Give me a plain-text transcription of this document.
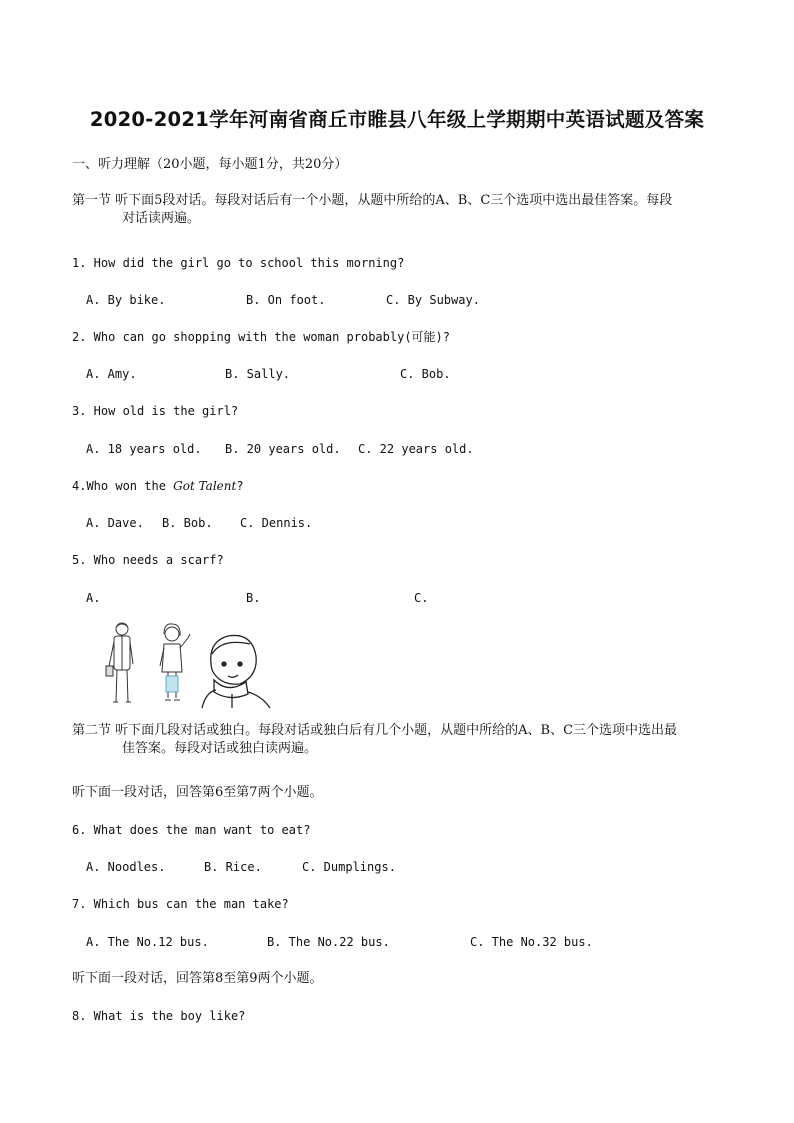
2020-2021学年河南省商丘市睢县八年级上学期期中英语试题及答案
一、听力理解（20小题，每小题1分，共20分）
第一节 听下面5段对话。每段对话后有一个小题，从题中所给的A、B、C三个选项中选出最佳答案。每段
对话读两遍。
1. How did the girl go to school this morning?
A. By bike.	B. On foot.	C. By Subway.
2. Who can go shopping with the woman probably(可能)?
A. Amy.	B. Sally.	C. Bob.
3. How old is the girl?
A. 18 years old. B. 20 years old. C. 22 years old.
4.Who won the Got Talent?
A. Dave. B. Bob. C. Dennis.
5. Who needs a scarf?
A.	B.	C.
第二节 听下面几段对话或独白。每段对话或独白后有几个小题，从题中所给的A、B、C三个选项中选出最
佳答案。每段对话或独白读两遍。
听下面一段对话，回答第6至第7两个小题。
6. What does the man want to eat?
A. Noodles.	B. Rice.	C. Dumplings.
7. Which bus can the man take?
A. The No.12 bus.	B. The No.22 bus.	C. The No.32 bus.
听下面一段对话，回答第8至第9两个小题。
8. What is the boy like?
